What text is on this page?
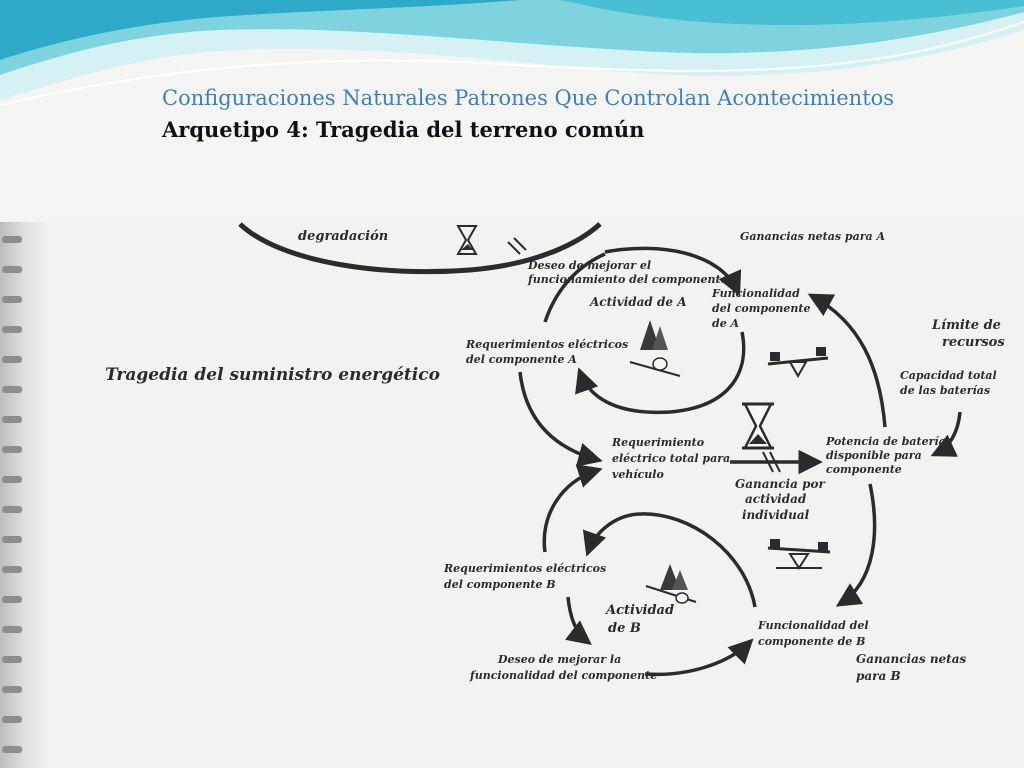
Configuraciones Naturales Patrones Que Controlan Acontecimientos
Arquetipo 4: Tragedia del terreno común
Tragedia del suministro energético
degradación	Ganancias netas para A
Deseo de mejorar el
funcionamiento del componente
Actividad de A
Funcionalidad
del componente
de A
Requerimientos eléctricos
del componente A
Límite de
recursos
Capacidad total
de las baterías
Requerimiento
eléctrico total para
vehículo
Potencia de baterías
disponible para
componente
Ganancia por
actividad
individual
Requerimientos eléctricos
del componente B
Actividad
de B	Funcionalidad del
componente de B
Deseo de mejorar la
funcionalidad del componente
Ganancias netas
para B
